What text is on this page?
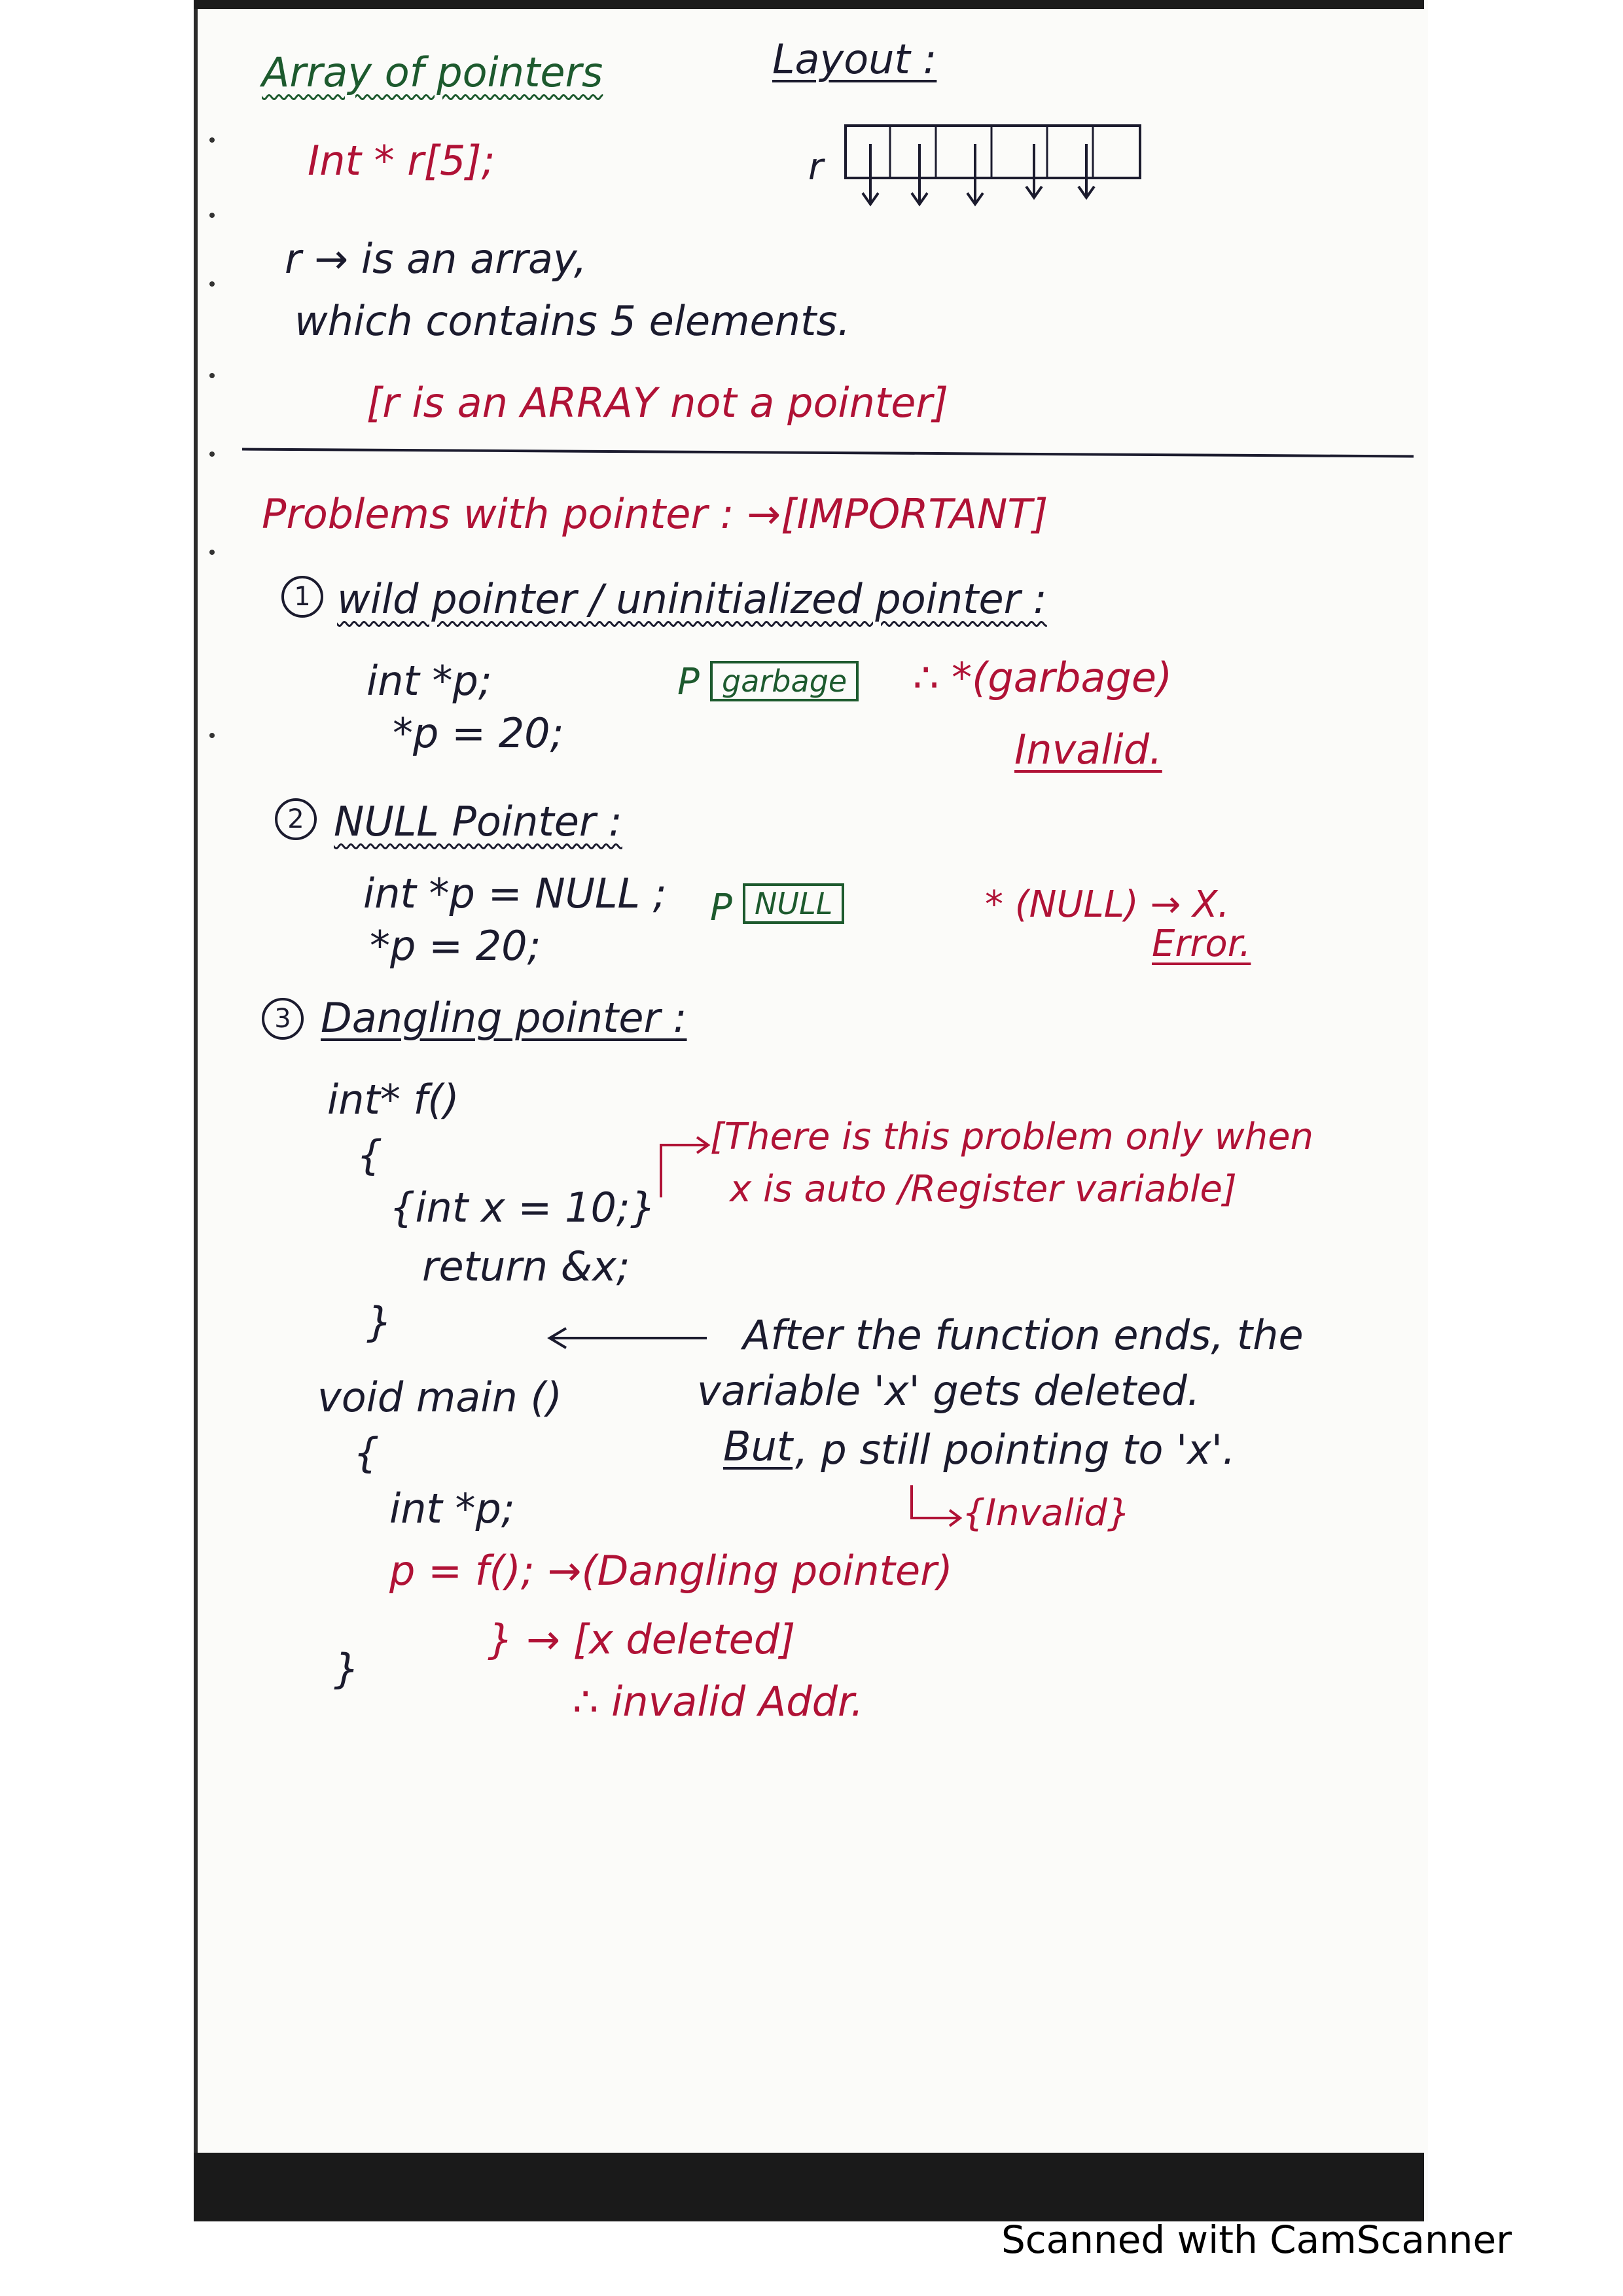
Array of pointers	Layout :
Int * r[5];	r
r → is an array,
which contains 5 elements.
[r is an ARRAY not a pointer]
Problems with pointer : →[IMPORTANT]
1 wild pointer / uninitialized pointer :
int *p;
*p = 20;
P garbage ∴ *(garbage)
Invalid.
2 NULL Pointer :
int *p = NULL ;
*p = 20;
P NULL	* (NULL) → X.
Error.
3 Dangling pointer :
int* f()
{
{int x = 10;}
return &x;
}
void main ()
{
int *p;
p = f(); →(Dangling pointer)
} → [x deleted]
}
∴ invalid Addr.
[There is this problem only when
x is auto /Register variable]
After the function ends, the
variable 'x' gets deleted.
But , p still pointing to 'x'.
{Invalid}
Scanned with CamScanner
